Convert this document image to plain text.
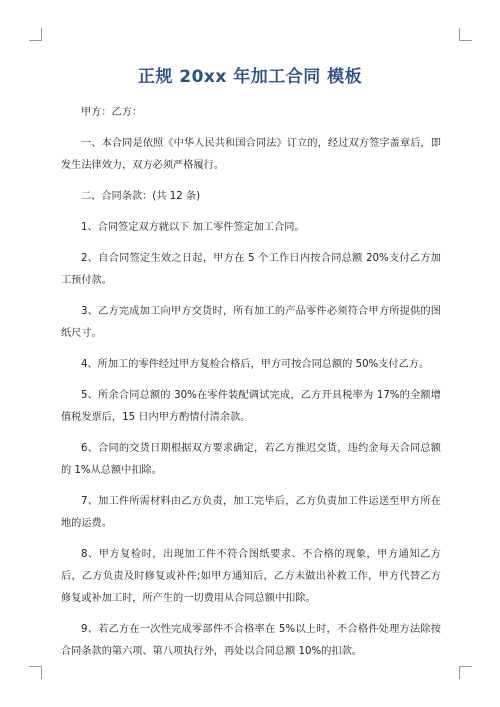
正规 20xx 年加工合同 模板

甲方：乙方：

一、本合同是依照《中华人民共和国合同法》订立的，经过双方签字盖章后，即发生法律效力，双方必须严格履行。

二、合同条款：(共 12 条)

1、合同签定双方就以下 加工零件签定加工合同。

2、自合同签定生效之日起，甲方在 5 个工作日内按合同总额 20%支付乙方加工预付款。

3、乙方完成加工向甲方交货时，所有加工的产品零件必须符合甲方所提供的图纸尺寸。

4、所加工的零件经过甲方复检合格后，甲方可按合同总额的 50%支付乙方。

5、所余合同总额的 30%在零件装配调试完成，乙方开具税率为 17%的全额增值税发票后，15 日内甲方酌情付清余款。

6、合同的交货日期根据双方要求确定，若乙方推迟交货，违约金每天合同总额的 1%从总额中扣除。

7、加工件所需材料由乙方负责，加工完毕后，乙方负责加工件运送至甲方所在地的运费。

8、甲方复检时，出现加工件不符合图纸要求、不合格的现象，甲方通知乙方后，乙方负责及时修复或补件;如甲方通知后，乙方未做出补救工作，甲方代替乙方修复或补加工时，所产生的一切费用从合同总额中扣除。

9、若乙方在一次性完成零部件不合格率在 5%以上时，不合格件处理方法除按合同条款的第六项、第八项执行外，再处以合同总额 10%的扣款。
